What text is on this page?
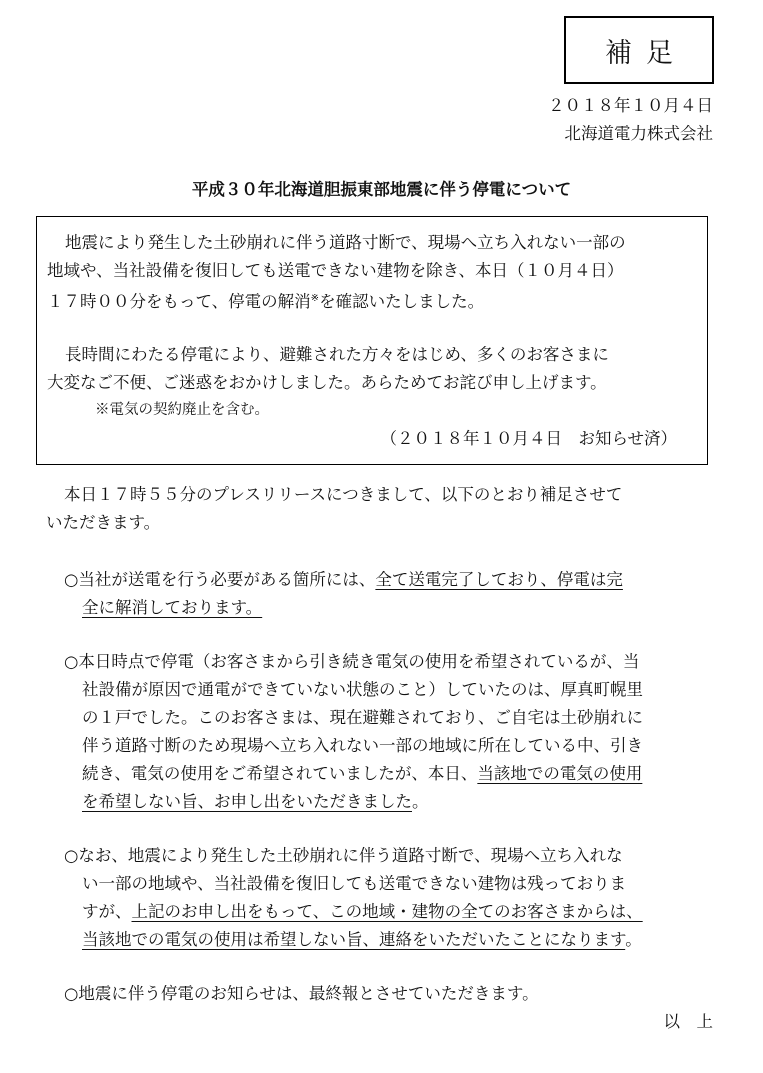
補足
２０１８年１０月４日
北海道電力株式会社
平成３０年北海道胆振東部地震に伴う停電について
地震により発生した土砂崩れに伴う道路寸断で、現場へ立ち入れない一部の
地域や、当社設備を復旧しても送電できない建物を除き、本日（１０月４日）
１７時００分をもって、停電の解消※を確認いたしました。
長時間にわたる停電により、避難された方々をはじめ、多くのお客さまに
大変なご不便、ご迷惑をおかけしました。あらためてお詫び申し上げます。
※電気の契約廃止を含む。
（２０１８年１０月４日　お知らせ済）
本日１７時５５分のプレスリリースにつきまして、以下のとおり補足させて
いただきます。
○当社が送電を行う必要がある箇所には、全て送電完了しており、停電は完
全に解消しております。
○本日時点で停電（お客さまから引き続き電気の使用を希望されているが、当
社設備が原因で通電ができていない状態のこと）していたのは、厚真町幌里
の１戸でした。このお客さまは、現在避難されており、ご自宅は土砂崩れに
伴う道路寸断のため現場へ立ち入れない一部の地域に所在している中、引き
続き、電気の使用をご希望されていましたが、本日、当該地での電気の使用
を希望しない旨、お申し出をいただきました。
○なお、地震により発生した土砂崩れに伴う道路寸断で、現場へ立ち入れな
い一部の地域や、当社設備を復旧しても送電できない建物は残っておりま
すが、上記のお申し出をもって、この地域・建物の全てのお客さまからは、
当該地での電気の使用は希望しない旨、連絡をいただいたことになります。
○地震に伴う停電のお知らせは、最終報とさせていただきます。
以　上
